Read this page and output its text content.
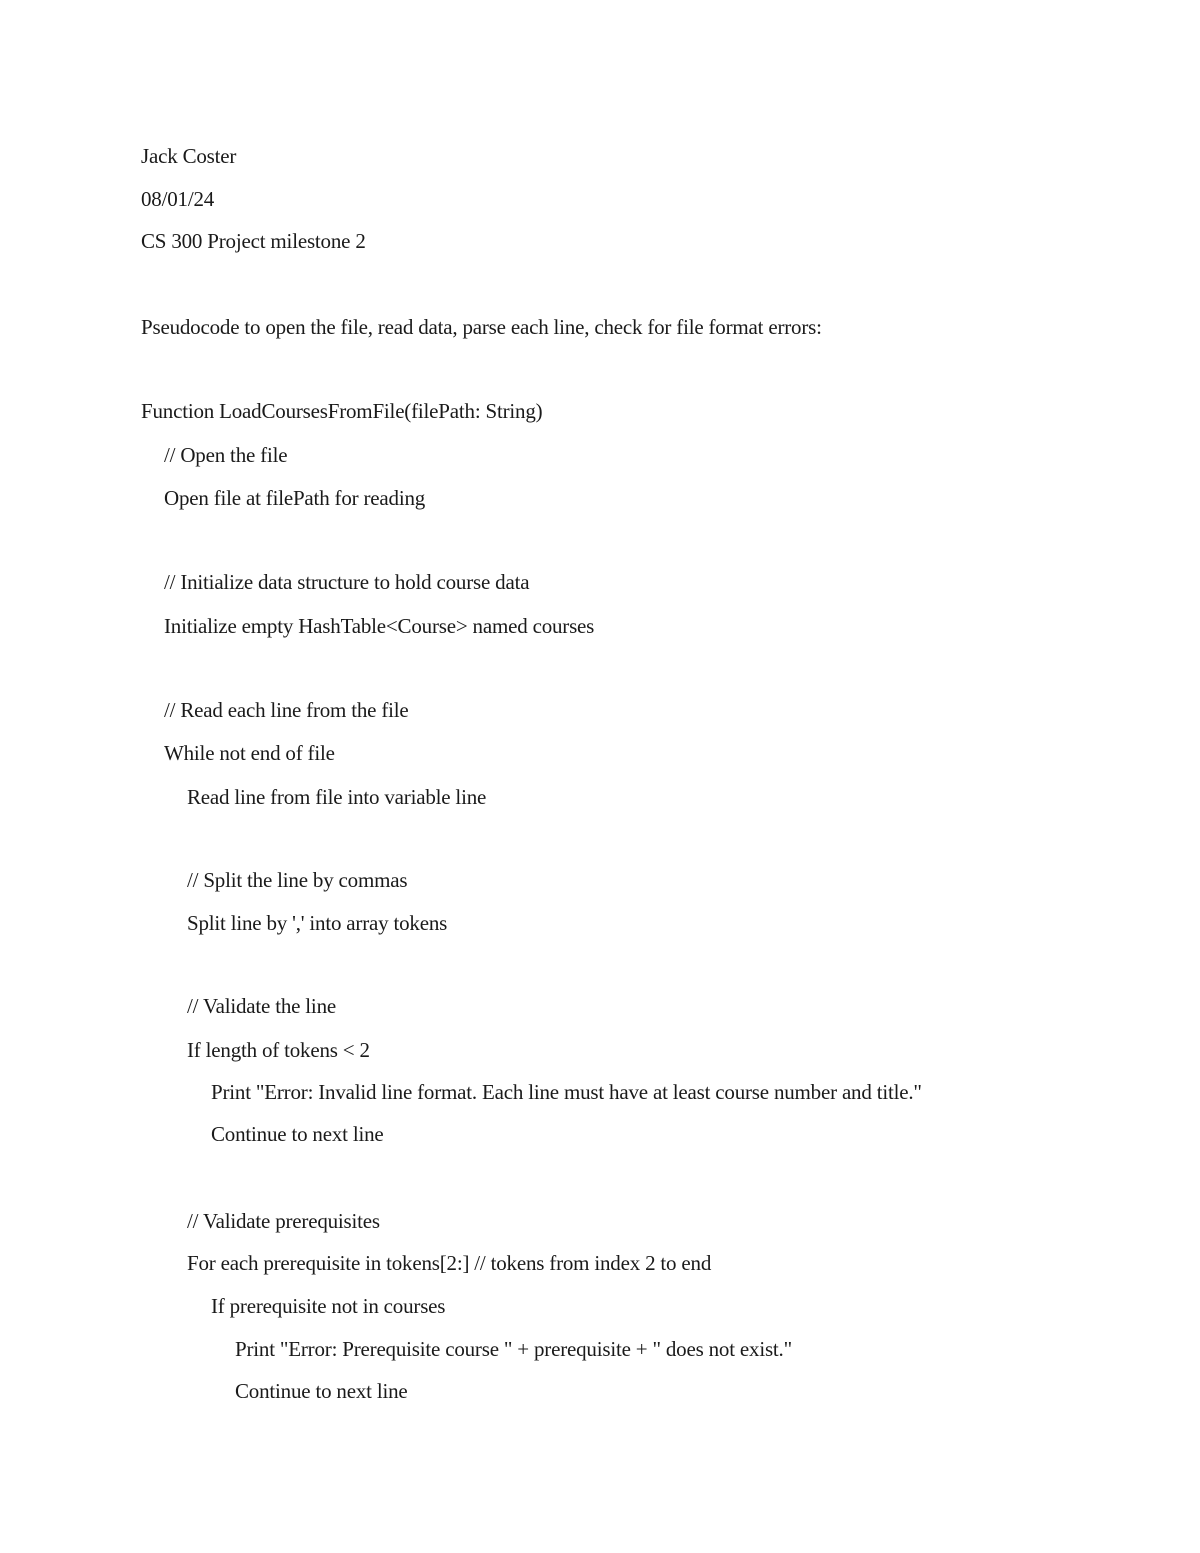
Jack Coster
08/01/24
CS 300 Project milestone 2
Pseudocode to open the file, read data, parse each line, check for file format errors:
Function LoadCoursesFromFile(filePath: String)
// Open the file
Open file at filePath for reading
// Initialize data structure to hold course data
Initialize empty HashTable<Course> named courses
// Read each line from the file
While not end of file
Read line from file into variable line
// Split the line by commas
Split line by ',' into array tokens
// Validate the line
If length of tokens < 2
Print "Error: Invalid line format. Each line must have at least course number and title."
Continue to next line
// Validate prerequisites
For each prerequisite in tokens[2:] // tokens from index 2 to end
If prerequisite not in courses
Print "Error: Prerequisite course " + prerequisite + " does not exist."
Continue to next line
